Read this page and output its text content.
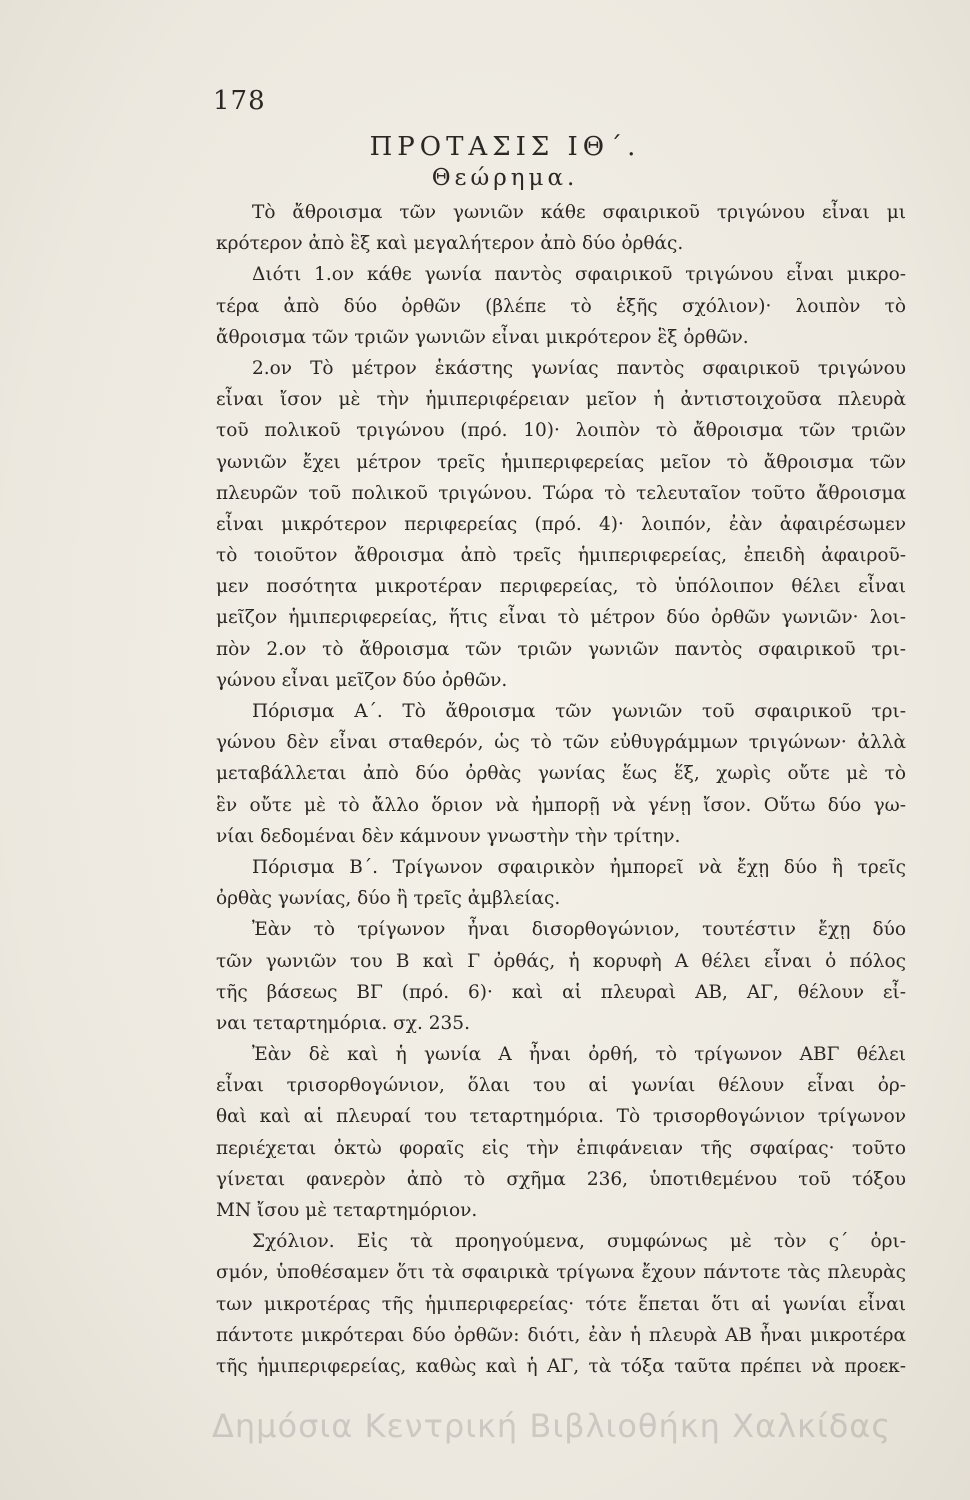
178
ΠΡΟΤΑΣΙΣ ΙΘ΄.
Θεώρημα.
Τὸ ἄθροισμα τῶν γωνιῶν κάθε σφαιρικοῦ τριγώνου εἶναι μι
κρότερον ἀπὸ ἓξ καὶ μεγαλήτερον ἀπὸ δύο ὀρθάς.
Διότι 1.ον κάθε γωνία παντὸς σφαιρικοῦ τριγώνου εἶναι μικρο-
τέρα ἀπὸ δύο ὀρθῶν (βλέπε τὸ ἑξῆς σχόλιον)· λοιπὸν τὸ
ἄθροισμα τῶν τριῶν γωνιῶν εἶναι μικρότερον ἓξ ὀρθῶν.
2.ον Τὸ μέτρον ἑκάστης γωνίας παντὸς σφαιρικοῦ τριγώνου
εἶναι ἴσον μὲ τὴν ἡμιπεριφέρειαν μεῖον ἡ ἀντιστοιχοῦσα πλευρὰ
τοῦ πολικοῦ τριγώνου (πρό. 10)· λοιπὸν τὸ ἄθροισμα τῶν τριῶν
γωνιῶν ἔχει μέτρον τρεῖς ἡμιπεριφερείας μεῖον τὸ ἄθροισμα τῶν
πλευρῶν τοῦ πολικοῦ τριγώνου. Τώρα τὸ τελευταῖον τοῦτο ἄθροισμα
εἶναι μικρότερον περιφερείας (πρό. 4)· λοιπόν, ἐὰν ἀφαιρέσωμεν
τὸ τοιοῦτον ἄθροισμα ἀπὸ τρεῖς ἡμιπεριφερείας, ἐπειδὴ ἀφαιροῦ-
μεν ποσότητα μικροτέραν περιφερείας, τὸ ὑπόλοιπον θέλει εἶναι
μεῖζον ἡμιπεριφερείας, ἥτις εἶναι τὸ μέτρον δύο ὀρθῶν γωνιῶν· λοι-
πὸν 2.ον τὸ ἄθροισμα τῶν τριῶν γωνιῶν παντὸς σφαιρικοῦ τρι-
γώνου εἶναι μεῖζον δύο ὀρθῶν.
Πόρισμα Α΄. Τὸ ἄθροισμα τῶν γωνιῶν τοῦ σφαιρικοῦ τρι-
γώνου δὲν εἶναι σταθερόν, ὡς τὸ τῶν εὐθυγράμμων τριγώνων· ἀλλὰ
μεταβάλλεται ἀπὸ δύο ὀρθὰς γωνίας ἕως ἕξ, χωρὶς οὔτε μὲ τὸ
ἓν οὔτε μὲ τὸ ἄλλο ὅριον νὰ ἠμπορῇ νὰ γένῃ ἴσον. Οὕτω δύο γω-
νίαι δεδομέναι δὲν κάμνουν γνωστὴν τὴν τρίτην.
Πόρισμα Β΄. Τρίγωνον σφαιρικὸν ἠμπορεῖ νὰ ἔχῃ δύο ἢ τρεῖς
ὀρθὰς γωνίας, δύο ἢ τρεῖς ἀμβλείας.
Ἐὰν τὸ τρίγωνον ἦναι δισορθογώνιον, τουτέστιν ἔχῃ δύο
τῶν γωνιῶν του Β καὶ Γ ὀρθάς, ἡ κορυφὴ Α θέλει εἶναι ὁ πόλος
τῆς βάσεως ΒΓ (πρό. 6)· καὶ αἱ πλευραὶ ΑΒ, ΑΓ, θέλουν εἶ-
ναι τεταρτημόρια. σχ. 235.
Ἐὰν δὲ καὶ ἡ γωνία Α ἦναι ὀρθή, τὸ τρίγωνον ΑΒΓ θέλει
εἶναι τρισορθογώνιον, ὅλαι του αἱ γωνίαι θέλουν εἶναι ὀρ-
θαὶ καὶ αἱ πλευραί του τεταρτημόρια. Τὸ τρισορθογώνιον τρίγωνον
περιέχεται ὀκτὼ φοραῖς εἰς τὴν ἐπιφάνειαν τῆς σφαίρας· τοῦτο
γίνεται φανερὸν ἀπὸ τὸ σχῆμα 236, ὑποτιθεμένου τοῦ τόξου
ΜΝ ἴσου μὲ τεταρτημόριον.
Σχόλιον. Εἰς τὰ προηγούμενα, συμφώνως μὲ τὸν ς΄ ὁρι-
σμόν, ὑποθέσαμεν ὅτι τὰ σφαιρικὰ τρίγωνα ἔχουν πάντοτε τὰς πλευρὰς
των μικροτέρας τῆς ἡμιπεριφερείας· τότε ἕπεται ὅτι αἱ γωνίαι εἶναι
πάντοτε μικρότεραι δύο ὀρθῶν: διότι, ἐὰν ἡ πλευρὰ ΑΒ ἦναι μικροτέρα
τῆς ἡμιπεριφερείας, καθὼς καὶ ἡ ΑΓ, τὰ τόξα ταῦτα πρέπει νὰ προεκ-
Δημόσια Κεντρική Βιβλιοθήκη Χαλκίδας
